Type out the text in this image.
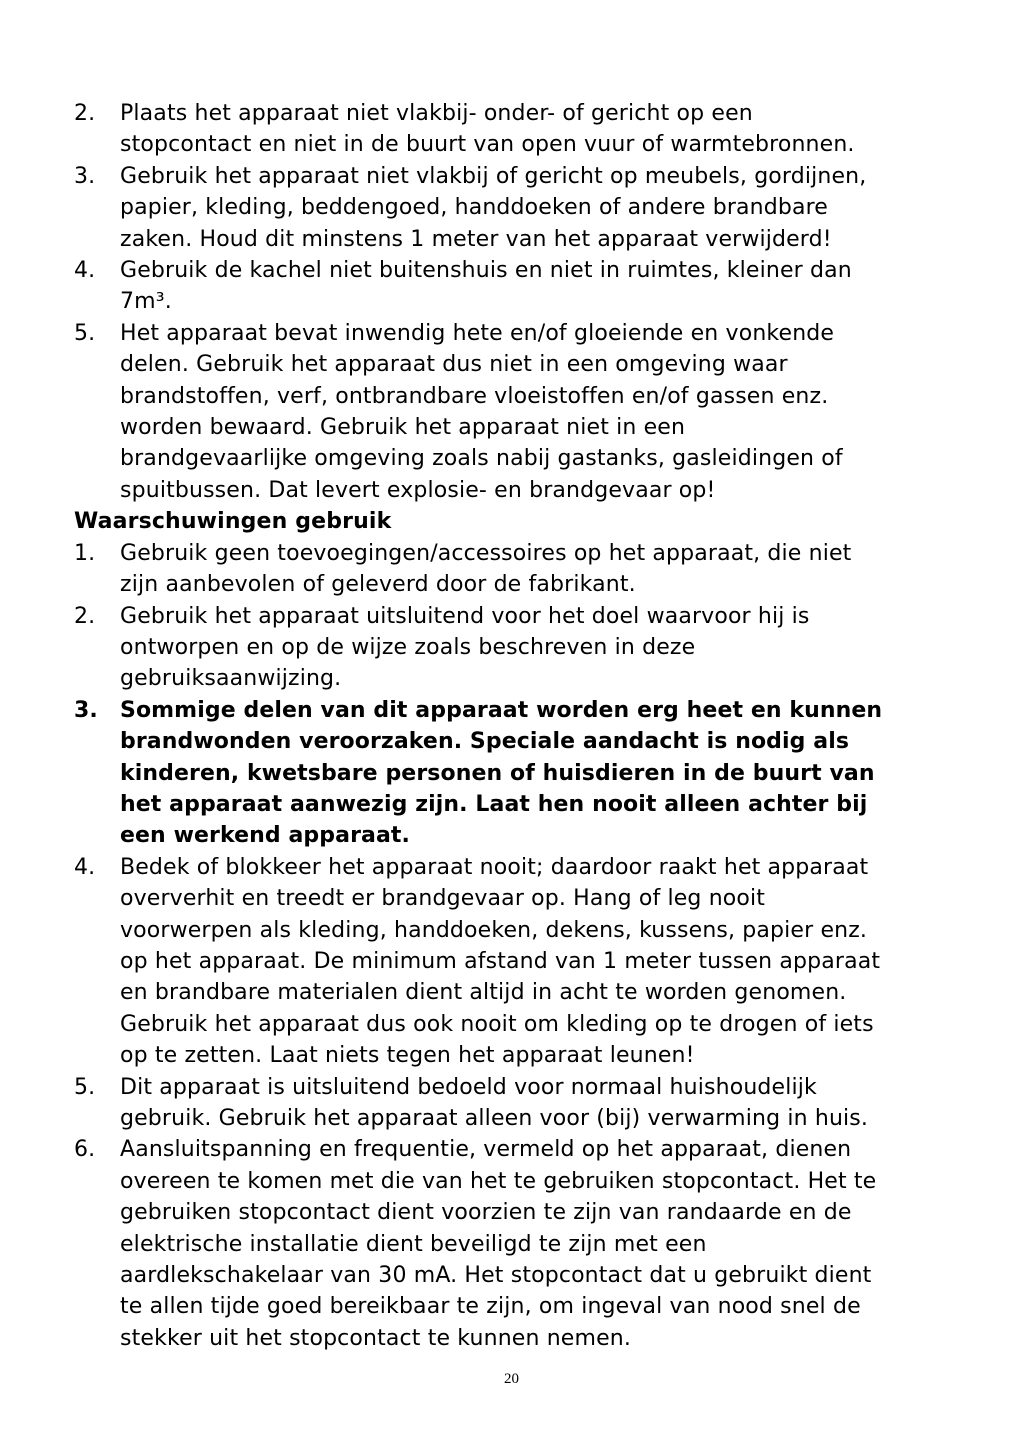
2. Plaats het apparaat niet vlakbij- onder- of gericht op een
stopcontact en niet in de buurt van open vuur of warmtebronnen.
3. Gebruik het apparaat niet vlakbij of gericht op meubels, gordijnen,
papier, kleding, beddengoed, handdoeken of andere brandbare
zaken. Houd dit minstens 1 meter van het apparaat verwijderd!
4. Gebruik de kachel niet buitenshuis en niet in ruimtes, kleiner dan
7m³.
5. Het apparaat bevat inwendig hete en/of gloeiende en vonkende
delen. Gebruik het apparaat dus niet in een omgeving waar
brandstoffen, verf, ontbrandbare vloeistoffen en/of gassen enz.
worden bewaard. Gebruik het apparaat niet in een
brandgevaarlijke omgeving zoals nabij gastanks, gasleidingen of
spuitbussen. Dat levert explosie- en brandgevaar op!
Waarschuwingen gebruik
1. Gebruik geen toevoegingen/accessoires op het apparaat, die niet
zijn aanbevolen of geleverd door de fabrikant.
2. Gebruik het apparaat uitsluitend voor het doel waarvoor hij is
ontworpen en op de wijze zoals beschreven in deze
gebruiksaanwijzing.
3. Sommige delen van dit apparaat worden erg heet en kunnen
brandwonden veroorzaken. Speciale aandacht is nodig als
kinderen, kwetsbare personen of huisdieren in de buurt van
het apparaat aanwezig zijn. Laat hen nooit alleen achter bij
een werkend apparaat.
4. Bedek of blokkeer het apparaat nooit; daardoor raakt het apparaat
oververhit en treedt er brandgevaar op. Hang of leg nooit
voorwerpen als kleding, handdoeken, dekens, kussens, papier enz.
op het apparaat. De minimum afstand van 1 meter tussen apparaat
en brandbare materialen dient altijd in acht te worden genomen.
Gebruik het apparaat dus ook nooit om kleding op te drogen of iets
op te zetten. Laat niets tegen het apparaat leunen!
5. Dit apparaat is uitsluitend bedoeld voor normaal huishoudelijk
gebruik. Gebruik het apparaat alleen voor (bij) verwarming in huis.
6. Aansluitspanning en frequentie, vermeld op het apparaat, dienen
overeen te komen met die van het te gebruiken stopcontact. Het te
gebruiken stopcontact dient voorzien te zijn van randaarde en de
elektrische installatie dient beveiligd te zijn met een
aardlekschakelaar van 30 mA. Het stopcontact dat u gebruikt dient
te allen tijde goed bereikbaar te zijn, om ingeval van nood snel de
stekker uit het stopcontact te kunnen nemen.
20
